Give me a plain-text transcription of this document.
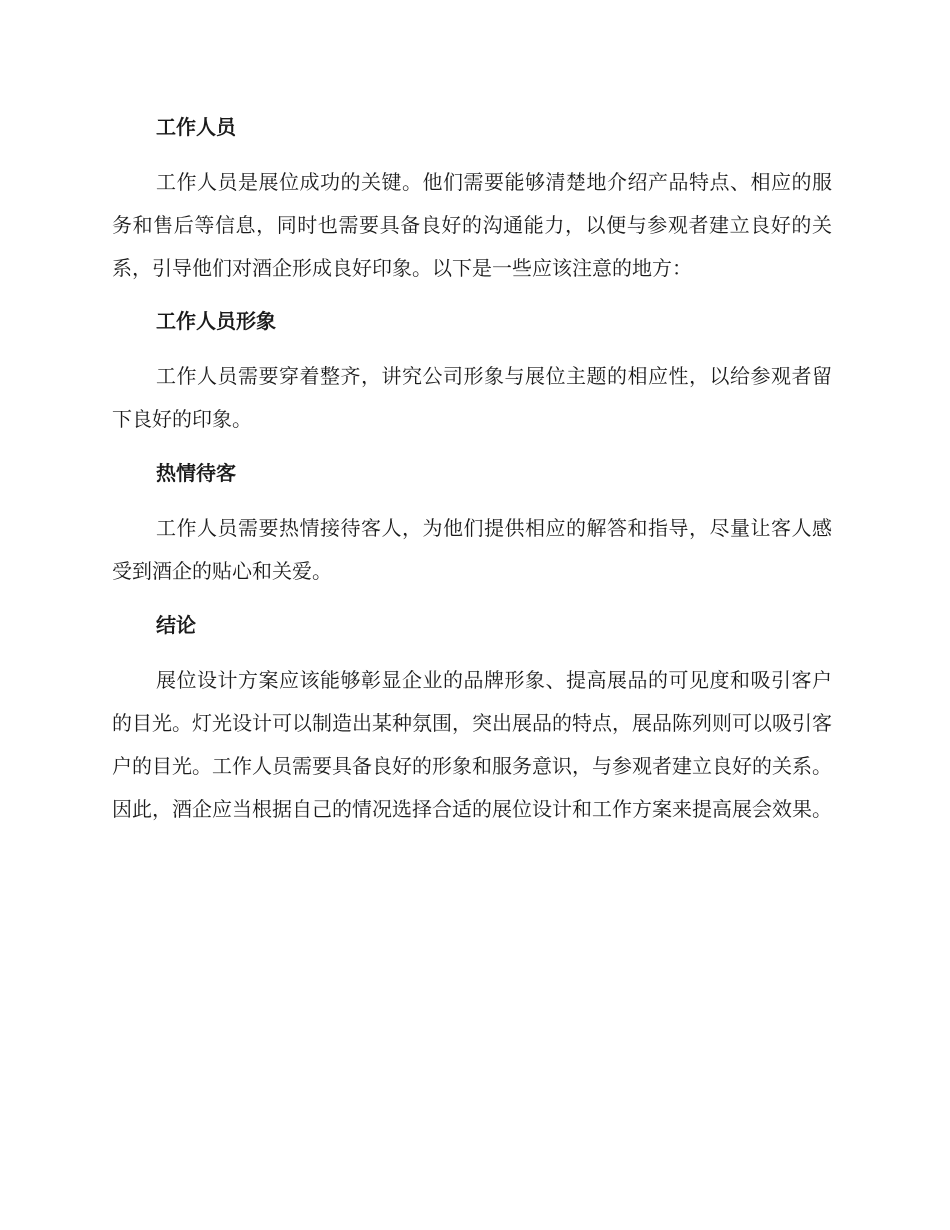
工作人员

工作人员是展位成功的关键。他们需要能够清楚地介绍产品特点、相应的服务和售后等信息，同时也需要具备良好的沟通能力，以便与参观者建立良好的关系，引导他们对酒企形成良好印象。以下是一些应该注意的地方：

工作人员形象

工作人员需要穿着整齐，讲究公司形象与展位主题的相应性，以给参观者留下良好的印象。

热情待客

工作人员需要热情接待客人，为他们提供相应的解答和指导，尽量让客人感受到酒企的贴心和关爱。

结论

展位设计方案应该能够彰显企业的品牌形象、提高展品的可见度和吸引客户的目光。灯光设计可以制造出某种氛围，突出展品的特点，展品陈列则可以吸引客户的目光。工作人员需要具备良好的形象和服务意识，与参观者建立良好的关系。因此，酒企应当根据自己的情况选择合适的展位设计和工作方案来提高展会效果。
